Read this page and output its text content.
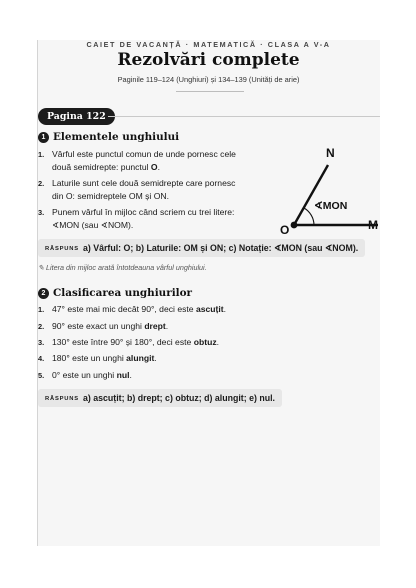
CAIET DE VACANȚĂ · MATEMATICĂ · CLASA A V-A
Rezolvări complete
Paginile 119–124 (Unghiuri) și 134–139 (Unități de arie)
Pagina 122
1 Elementele unghiului
1. Vârful este punctul comun de unde pornesc cele
două semidrepte: punctul O.
2. Laturile sunt cele două semidrepte care pornesc
din O: semidreptele OM și ON.
3. Punem vârful în mijloc când scriem cu trei litere:
∢MON (sau ∢NOM).
N
M
O
∢MON
RĂSPUNS a) Vârful: O; b) Laturile: OM și ON; c) Notație: ∢MON (sau ∢NOM).
✎ Litera din mijloc arată întotdeauna vârful unghiului.
2 Clasificarea unghiurilor
1. 47° este mai mic decât 90°, deci este ascuțit.
2. 90° este exact un unghi drept.
3. 130° este între 90° și 180°, deci este obtuz.
4. 180° este un unghi alungit.
5. 0° este un unghi nul.
RĂSPUNS a) ascuțit; b) drept; c) obtuz; d) alungit; e) nul.
